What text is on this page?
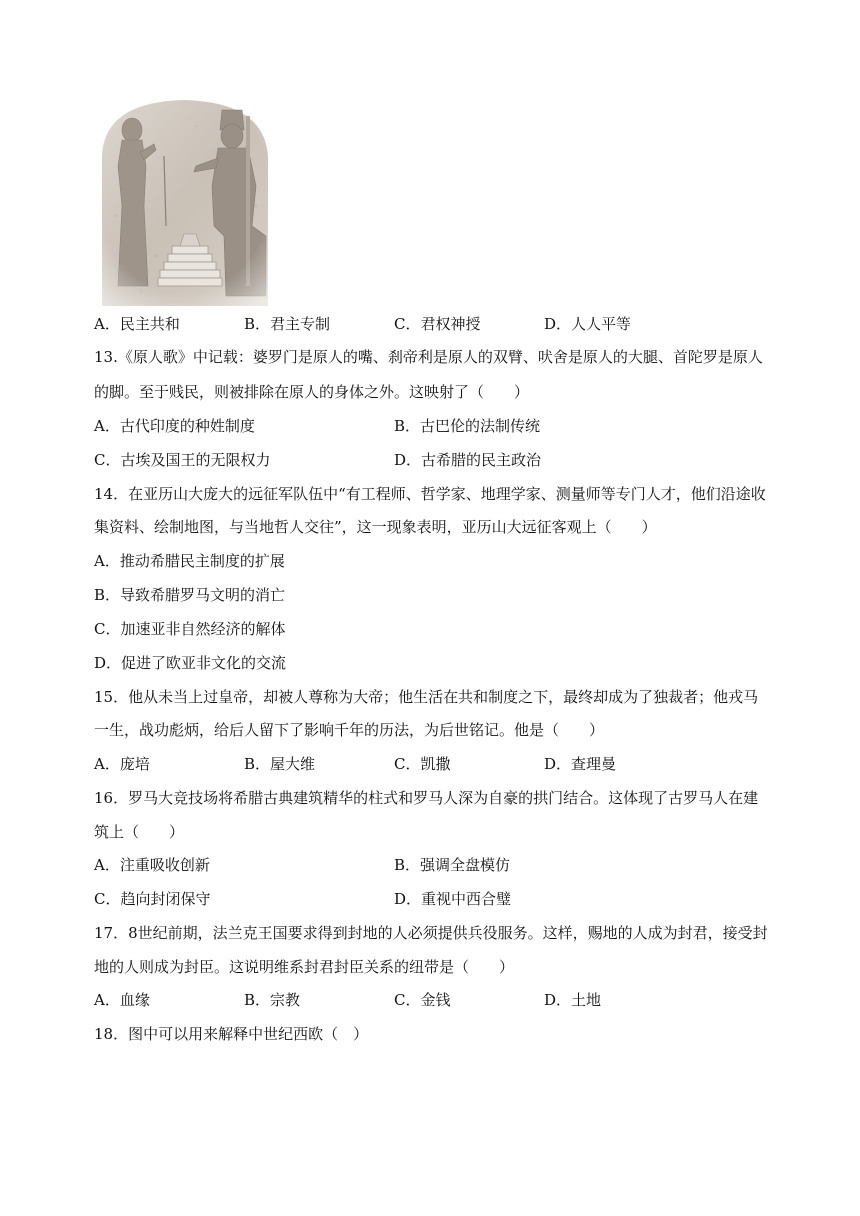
A．民主共和	B．君主专制	C．君权神授	D．人人平等
13.《原人歌》中记载：婆罗门是原人的嘴、刹帝利是原人的双臂、吠舍是原人的大腿、首陀罗是原人
的脚。至于贱民，则被排除在原人的身体之外。这映射了（　　）
A．古代印度的种姓制度	B．古巴伦的法制传统
C．古埃及国王的无限权力	D．古希腊的民主政治
14．在亚历山大庞大的远征军队伍中“有工程师、哲学家、地理学家、测量师等专门人才，他们沿途收
集资料、绘制地图，与当地哲人交往”，这一现象表明，亚历山大远征客观上（　　）
A．推动希腊民主制度的扩展
B．导致希腊罗马文明的消亡
C．加速亚非自然经济的解体
D．促进了欧亚非文化的交流
15．他从未当上过皇帝，却被人尊称为大帝；他生活在共和制度之下，最终却成为了独裁者；他戎马
一生，战功彪炳，给后人留下了影响千年的历法，为后世铭记。他是（　　）
A．庞培	B．屋大维	C．凯撒	D．查理曼
16．罗马大竞技场将希腊古典建筑精华的柱式和罗马人深为自豪的拱门结合。这体现了古罗马人在建
筑上（　　）
A．注重吸收创新	B．强调全盘模仿
C．趋向封闭保守	D．重视中西合璧
17．8世纪前期，法兰克王国要求得到封地的人必须提供兵役服务。这样，赐地的人成为封君，接受封
地的人则成为封臣。这说明维系封君封臣关系的纽带是（　　）
A．血缘	B．宗教	C．金钱	D．土地
18．图中可以用来解释中世纪西欧（　）
